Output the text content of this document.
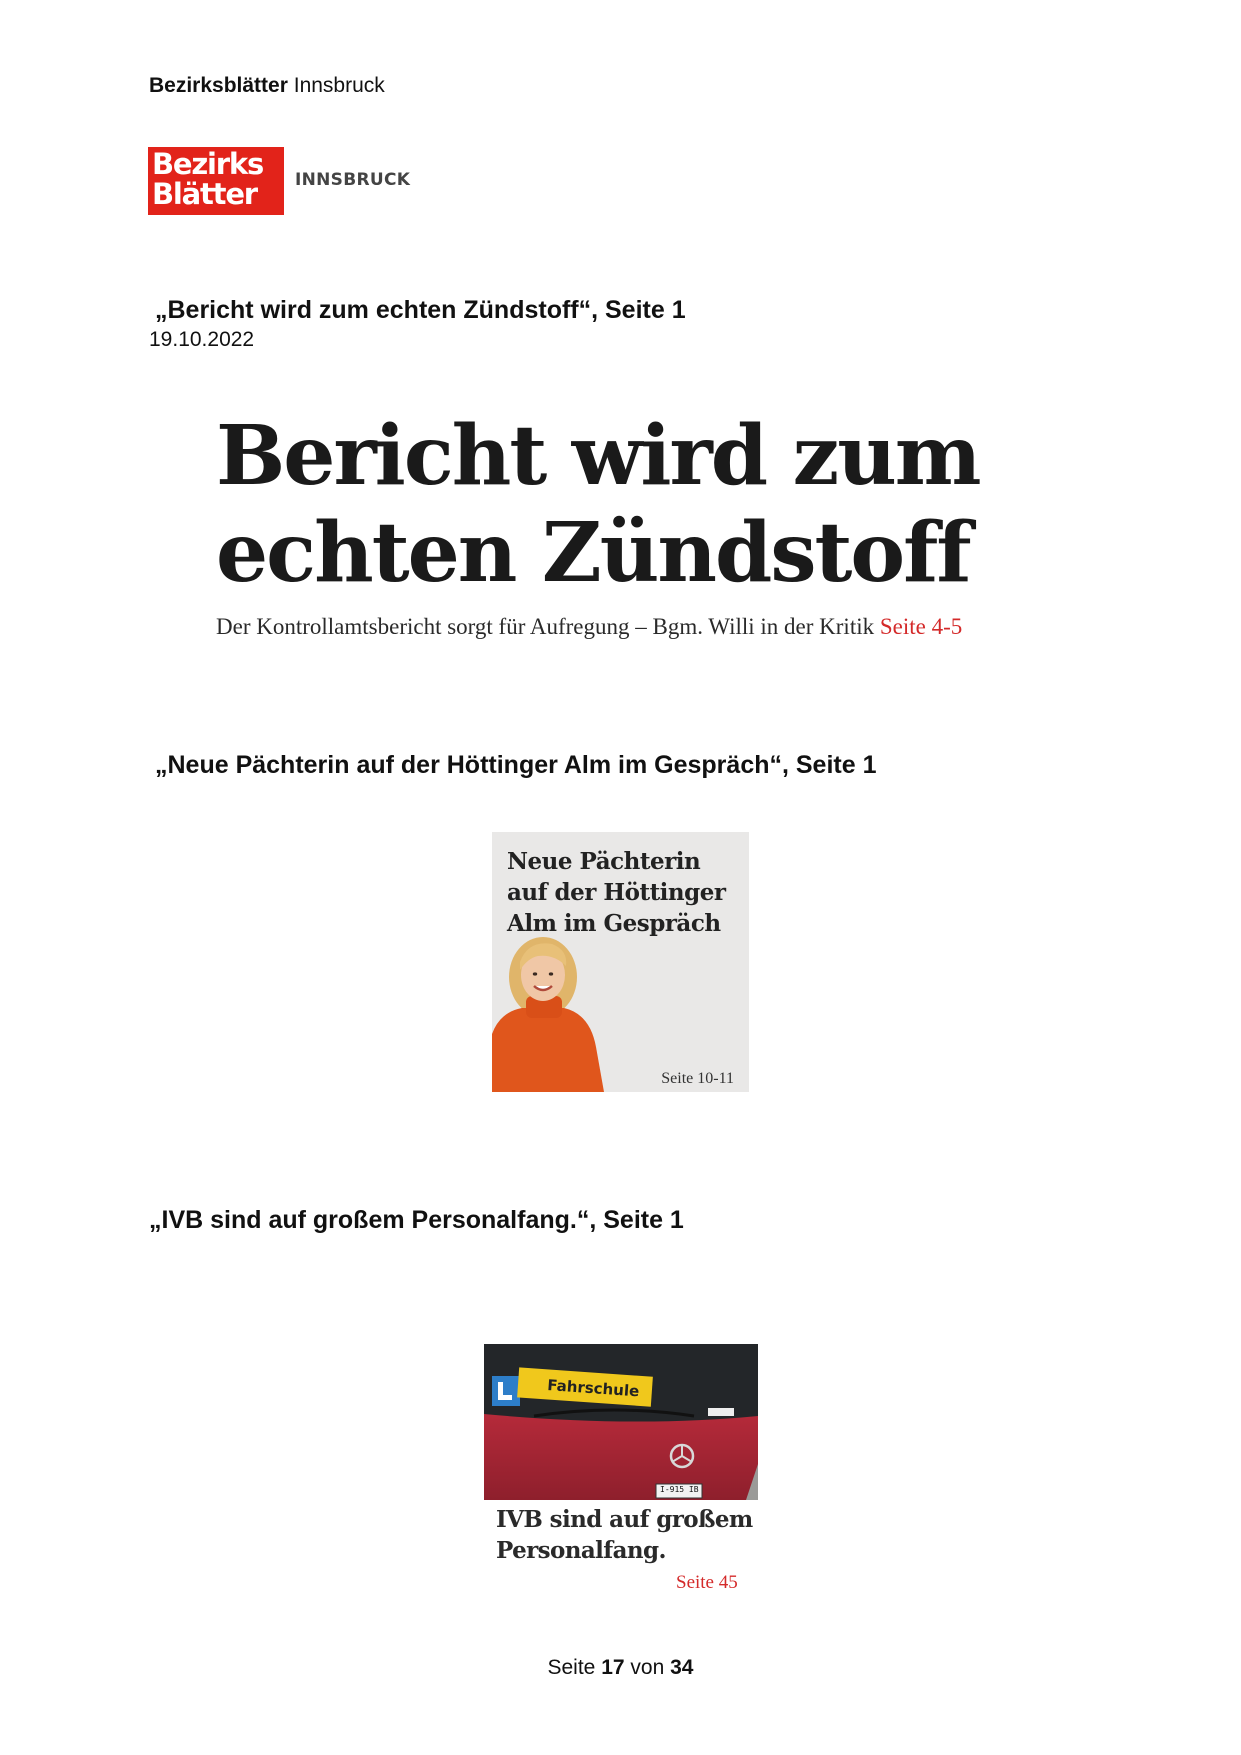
Bezirksblätter Innsbruck
Bezirks
Blätter INNSBRUCK
„Bericht wird zum echten Zündstoff“, Seite 1
19.10.2022
Bericht wird zum
echten Zündstoff
Der Kontrollamtsbericht sorgt für Aufregung – Bgm. Willi in der Kritik Seite 4-5
„Neue Pächterin auf der Höttinger Alm im Gespräch“, Seite 1
Neue Pächterin
auf der Höttinger
Alm im Gespräch
Seite 10-11
„IVB sind auf großem Personalfang.“, Seite 1
Fahrschule
I-915 IB
IVB sind auf großem
Personalfang.
Seite 45
Seite 17 von 34
